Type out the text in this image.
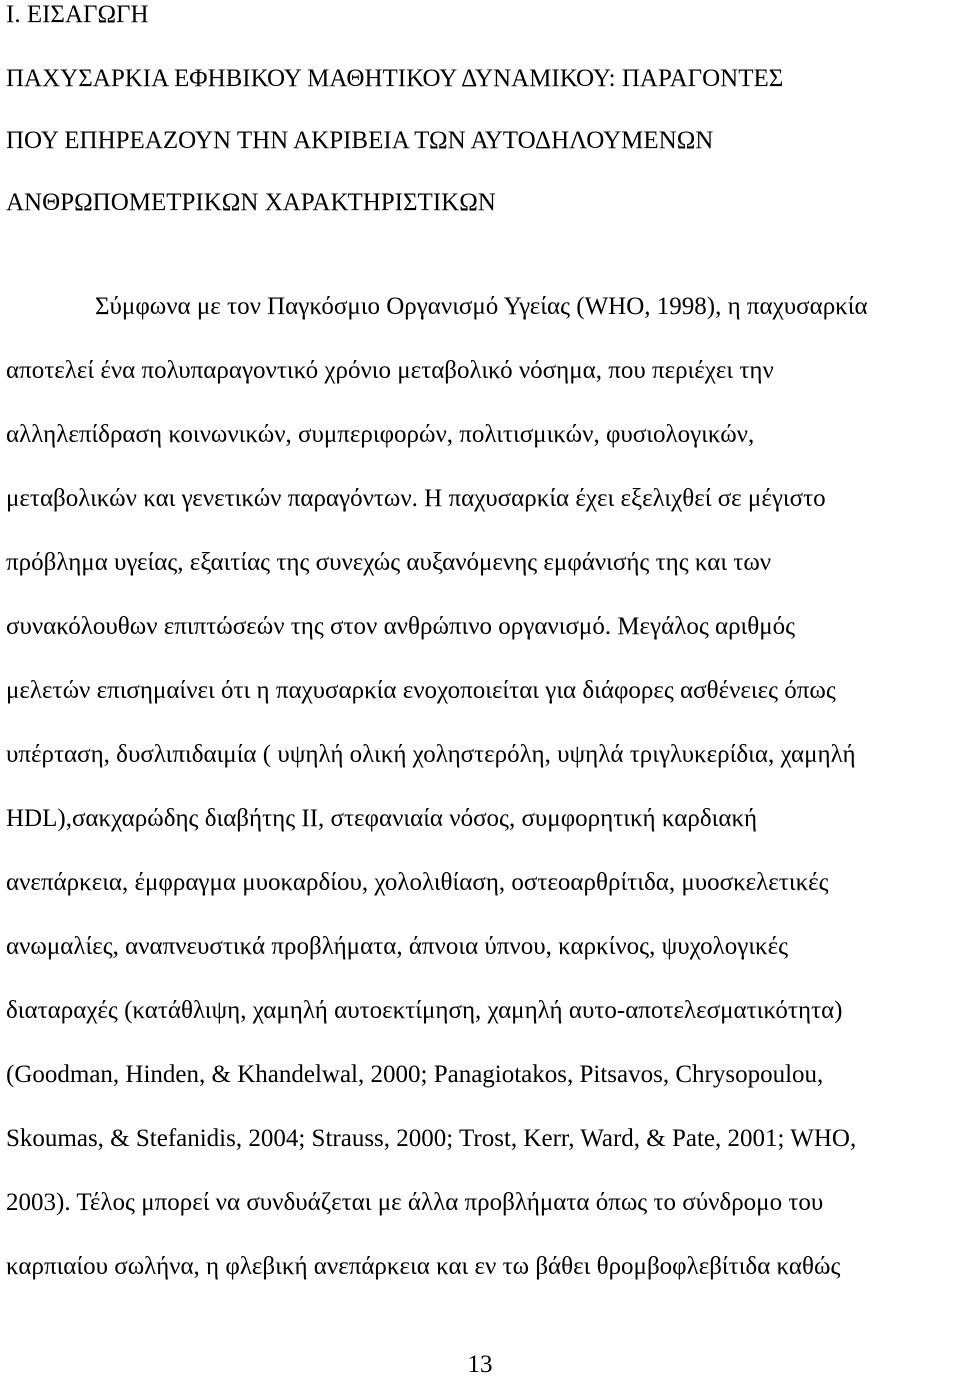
Ι. ΕΙΣΑΓΩΓΗ
ΠΑΧΥΣΑΡΚΙΑ ΕΦΗΒΙΚΟΥ ΜΑΘΗΤΙΚΟΥ ΔΥΝΑΜΙΚΟΥ: ΠΑΡΑΓΟΝΤΕΣ
ΠΟΥ ΕΠΗΡΕΑΖΟΥΝ ΤΗΝ ΑΚΡΙΒΕΙΑ ΤΩΝ ΑΥΤΟΔΗΛΟΥΜΕΝΩΝ
ΑΝΘΡΩΠΟΜΕΤΡΙΚΩΝ ΧΑΡΑΚΤΗΡΙΣΤΙΚΩΝ
Σύμφωνα με τον Παγκόσμιο Οργανισμό Υγείας (WHO, 1998), η παχυσαρκία
αποτελεί ένα πολυπαραγοντικό χρόνιο μεταβολικό νόσημα, που περιέχει την
αλληλεπίδραση κοινωνικών, συμπεριφορών, πολιτισμικών, φυσιολογικών,
μεταβολικών και γενετικών παραγόντων. Η παχυσαρκία έχει εξελιχθεί σε μέγιστο
πρόβλημα υγείας, εξαιτίας της συνεχώς αυξανόμενης εμφάνισής της και των
συνακόλουθων επιπτώσεών της στον ανθρώπινο οργανισμό. Μεγάλος αριθμός
μελετών επισημαίνει ότι η παχυσαρκία ενοχοποιείται για διάφορες ασθένειες όπως
υπέρταση, δυσλιπιδαιμία ( υψηλή ολική χοληστερόλη, υψηλά τριγλυκερίδια, χαμηλή
HDL),σακχαρώδης διαβήτης ΙΙ, στεφανιαία νόσος, συμφορητική καρδιακή
ανεπάρκεια, έμφραγμα μυοκαρδίου, χολολιθίαση, οστεοαρθρίτιδα, μυοσκελετικές
ανωμαλίες, αναπνευστικά προβλήματα, άπνοια ύπνου, καρκίνος, ψυχολογικές
διαταραχές (κατάθλιψη, χαμηλή αυτοεκτίμηση, χαμηλή αυτο-αποτελεσματικότητα)
(Goodman, Hinden, & Khandelwal, 2000; Panagiotakos, Pitsavos, Chrysopoulou,
Skoumas, & Stefanidis, 2004; Strauss, 2000; Trost, Kerr, Ward, & Pate, 2001; WHO,
2003). Τέλος μπορεί να συνδυάζεται με άλλα προβλήματα όπως το σύνδρομο του
καρπιαίου σωλήνα, η φλεβική ανεπάρκεια και εν τω βάθει θρομβοφλεβίτιδα καθώς
13
